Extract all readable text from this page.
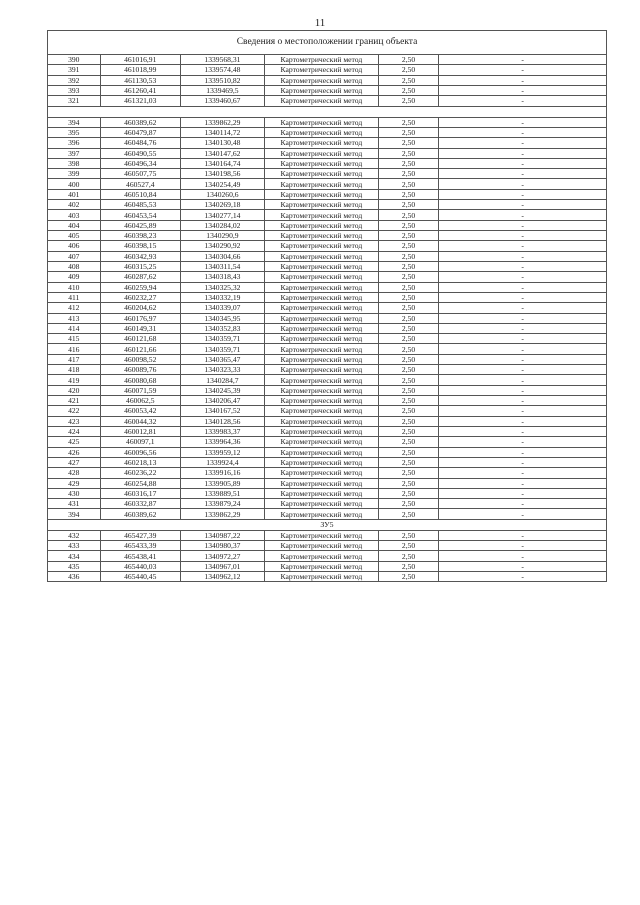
11
Сведения о местоположении границ объекта					
390	461016,91	1339568,31	Картометрический метод	2,50	-
391	461018,99	1339574,48	Картометрический метод	2,50	-
392	461130,53	1339510,82	Картометрический метод	2,50	-
393	461260,41	1339469,5	Картометрический метод	2,50	-
321	461321,03	1339460,67	Картометрический метод	2,50	-

394	460389,62	1339862,29	Картометрический метод	2,50	-
395	460479,87	1340114,72	Картометрический метод	2,50	-
396	460484,76	1340130,48	Картометрический метод	2,50	-
397	460490,55	1340147,62	Картометрический метод	2,50	-
398	460496,34	1340164,74	Картометрический метод	2,50	-
399	460507,75	1340198,56	Картометрический метод	2,50	-
400	460527,4	1340254,49	Картометрический метод	2,50	-
401	460510,84	1340260,6	Картометрический метод	2,50	-
402	460485,53	1340269,18	Картометрический метод	2,50	-
403	460453,54	1340277,14	Картометрический метод	2,50	-
404	460425,89	1340284,02	Картометрический метод	2,50	-
405	460398,23	1340290,9	Картометрический метод	2,50	-
406	460398,15	1340290,92	Картометрический метод	2,50	-
407	460342,93	1340304,66	Картометрический метод	2,50	-
408	460315,25	1340311,54	Картометрический метод	2,50	-
409	460287,62	1340318,43	Картометрический метод	2,50	-
410	460259,94	1340325,32	Картометрический метод	2,50	-
411	460232,27	1340332,19	Картометрический метод	2,50	-
412	460204,62	1340339,07	Картометрический метод	2,50	-
413	460176,97	1340345,95	Картометрический метод	2,50	-
414	460149,31	1340352,83	Картометрический метод	2,50	-
415	460121,68	1340359,71	Картометрический метод	2,50	-
416	460121,66	1340359,71	Картометрический метод	2,50	-
417	460098,52	1340365,47	Картометрический метод	2,50	-
418	460089,76	1340323,33	Картометрический метод	2,50	-
419	460080,68	1340284,7	Картометрический метод	2,50	-
420	460071,59	1340245,39	Картометрический метод	2,50	-
421	460062,5	1340206,47	Картометрический метод	2,50	-
422	460053,42	1340167,52	Картометрический метод	2,50	-
423	460044,32	1340128,56	Картометрический метод	2,50	-
424	460012,81	1339983,37	Картометрический метод	2,50	-
425	460097,1	1339964,36	Картометрический метод	2,50	-
426	460096,56	1339959,12	Картометрический метод	2,50	-
427	460218,13	1339924,4	Картометрический метод	2,50	-
428	460236,22	1339916,16	Картометрический метод	2,50	-
429	460254,88	1339905,89	Картометрический метод	2,50	-
430	460316,17	1339889,51	Картометрический метод	2,50	-
431	460332,87	1339879,24	Картометрический метод	2,50	-
394	460389,62	1339862,29	Картометрический метод	2,50	-
ЗУ5					
432	465427,39	1340987,22	Картометрический метод	2,50	-
433	465433,39	1340980,37	Картометрический метод	2,50	-
434	465438,41	1340972,27	Картометрический метод	2,50	-
435	465440,03	1340967,01	Картометрический метод	2,50	-
436	465440,45	1340962,12	Картометрический метод	2,50	-
